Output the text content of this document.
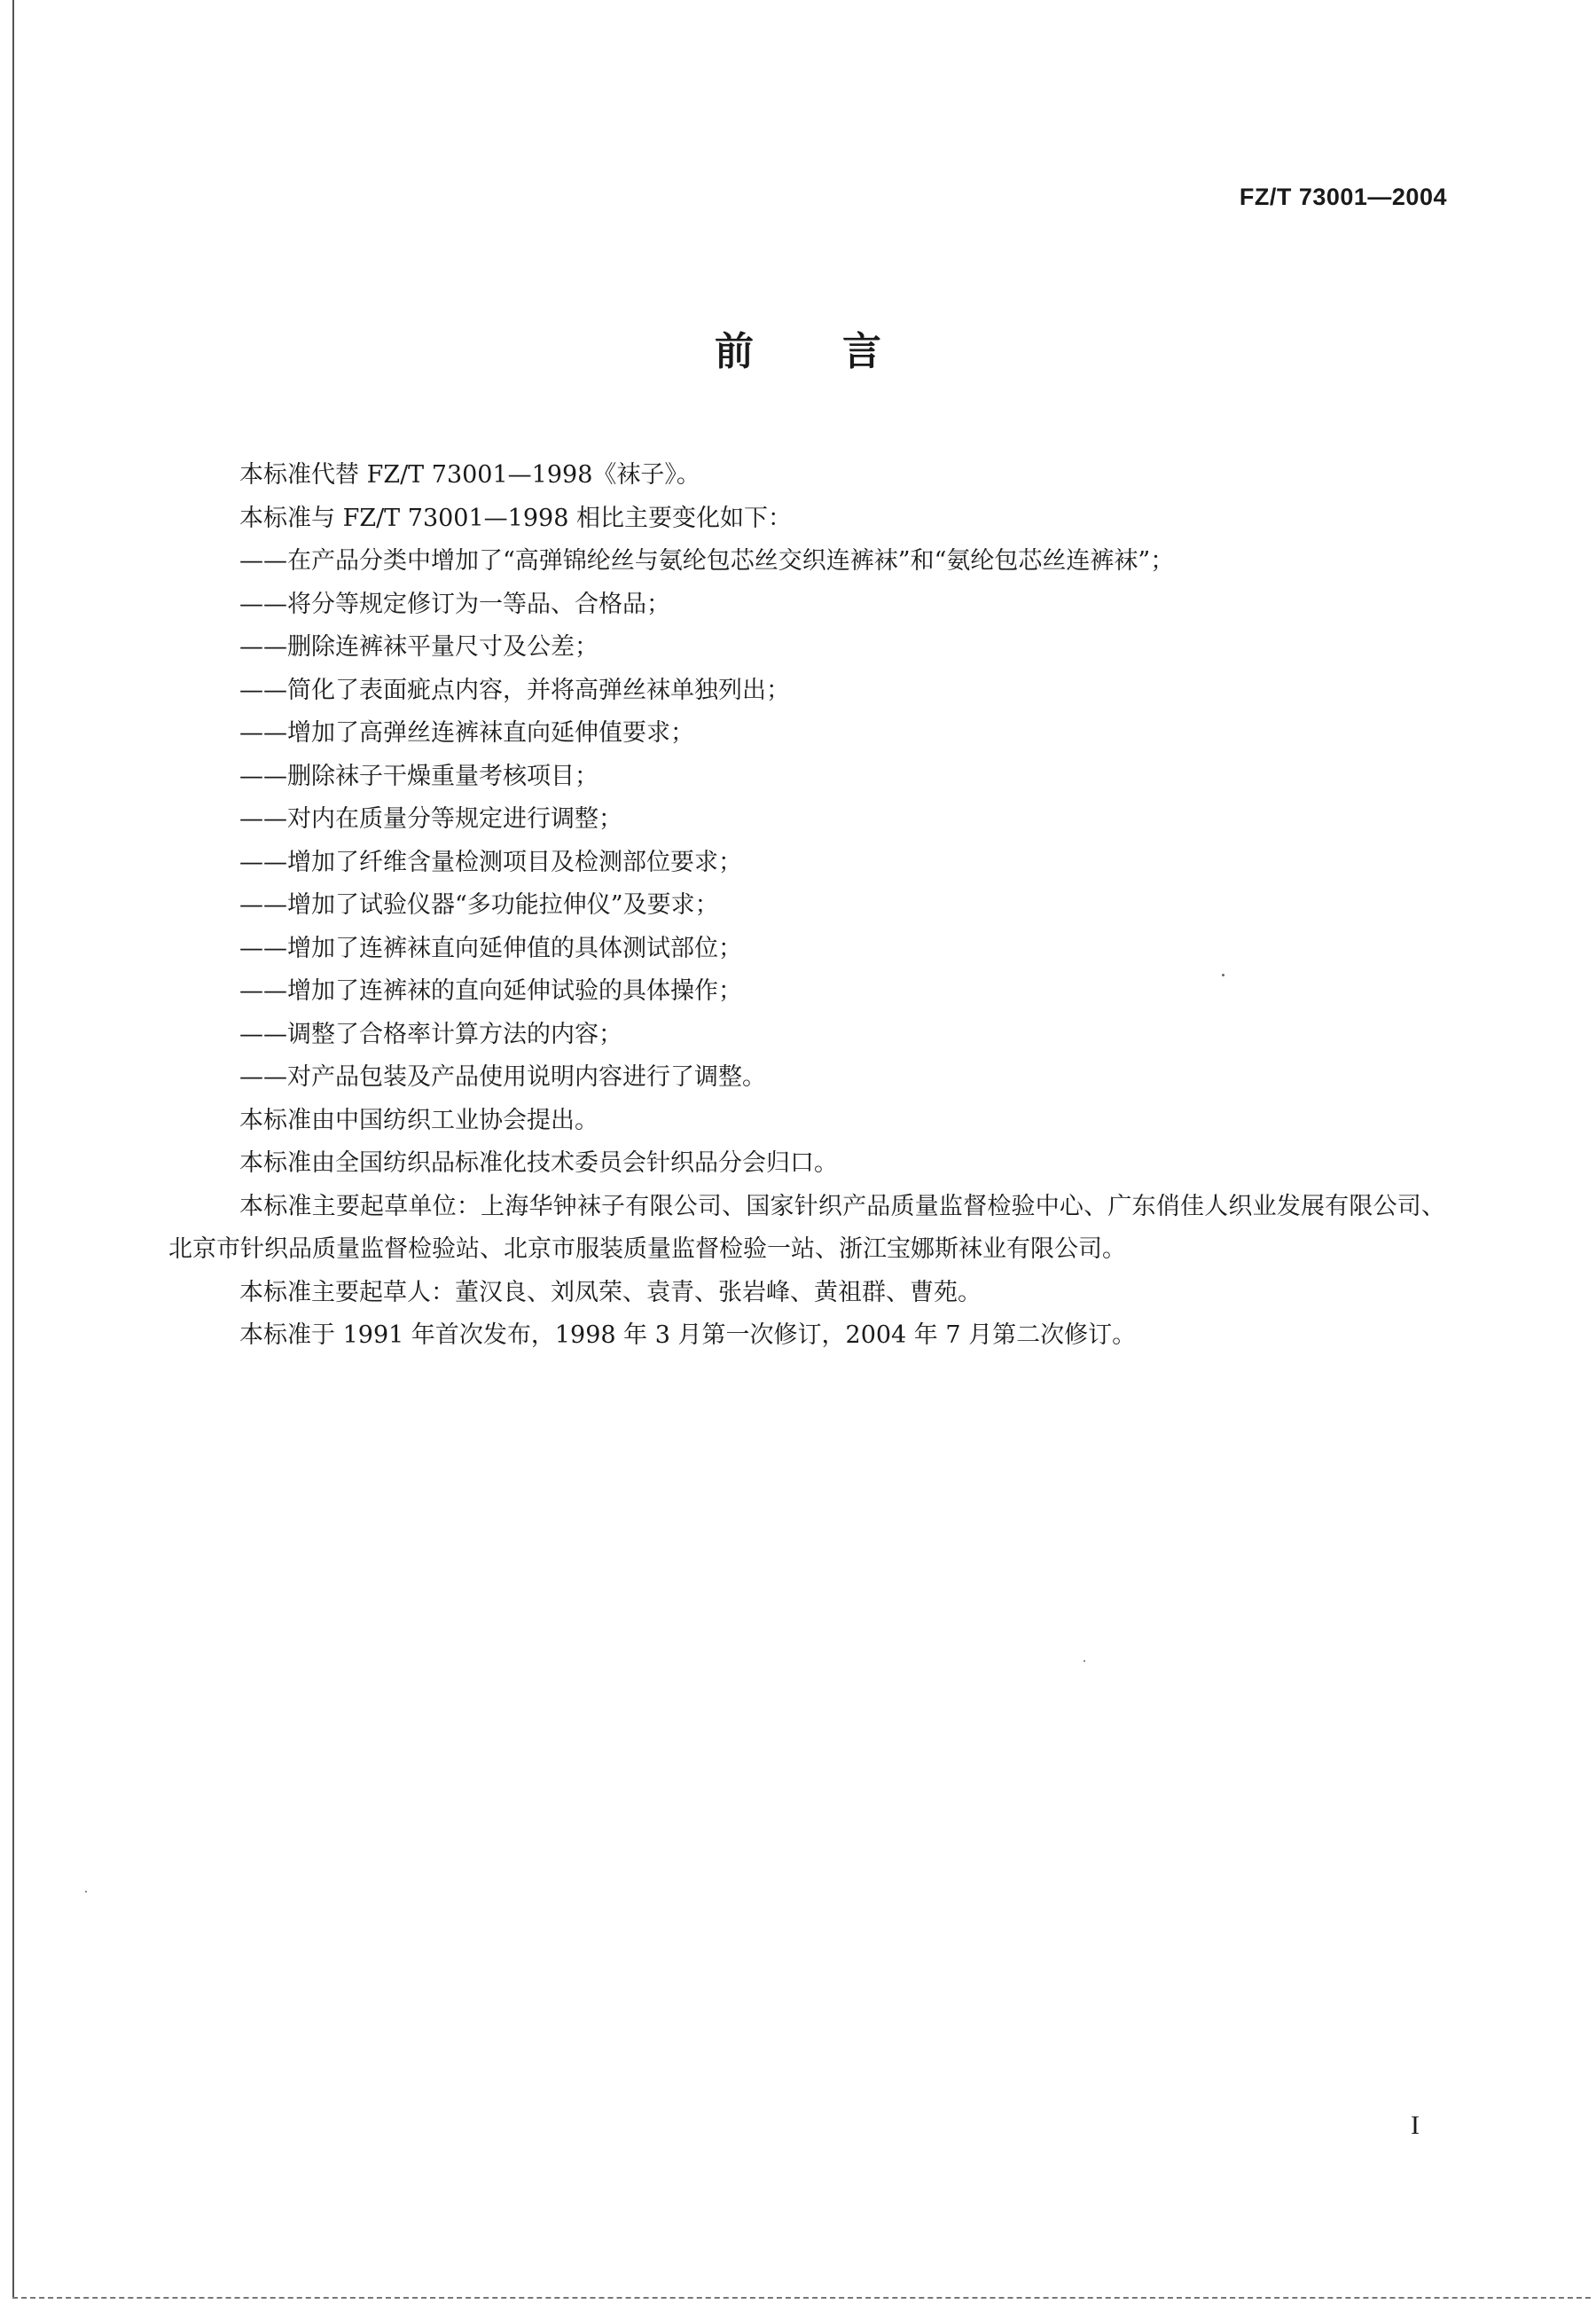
FZ/T 73001—2004
前言

本标准代替 FZ/T 73001—1998《袜子》。

本标准与 FZ/T 73001—1998 相比主要变化如下：

——在产品分类中增加了“高弹锦纶丝与氨纶包芯丝交织连裤袜”和“氨纶包芯丝连裤袜”；
——将分等规定修订为一等品、合格品；
——删除连裤袜平量尺寸及公差；
——简化了表面疵点内容，并将高弹丝袜单独列出；
——增加了高弹丝连裤袜直向延伸值要求；
——删除袜子干燥重量考核项目；
——对内在质量分等规定进行调整；
——增加了纤维含量检测项目及检测部位要求；
——增加了试验仪器“多功能拉伸仪”及要求；
——增加了连裤袜直向延伸值的具体测试部位；
——增加了连裤袜的直向延伸试验的具体操作；
——调整了合格率计算方法的内容；
——对产品包装及产品使用说明内容进行了调整。

本标准由中国纺织工业协会提出。

本标准由全国纺织品标准化技术委员会针织品分会归口。

本标准主要起草单位：上海华钟袜子有限公司、国家针织产品质量监督检验中心、广东俏佳人织业发展有限公司、北京市针织品质量监督检验站、北京市服装质量监督检验一站、浙江宝娜斯袜业有限公司。

本标准主要起草人：董汉良、刘凤荣、袁青、张岩峰、黄祖群、曹苑。

本标准于 1991 年首次发布，1998 年 3 月第一次修订，2004 年 7 月第二次修订。

I
